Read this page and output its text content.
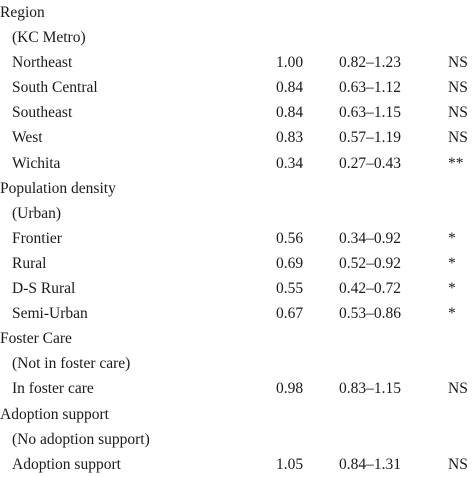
Region
(KC Metro)
Northeast	1.00 0.82–1.23	NS
South Central	0.84 0.63–1.12	NS
Southeast	0.84 0.63–1.15	NS
West	0.83 0.57–1.19	NS
Wichita	0.34 0.27–0.43	**
Population density
(Urban)
Frontier	0.56 0.34–0.92	*
Rural	0.69 0.52–0.92	*
D-S Rural	0.55 0.42–0.72	*
Semi-Urban	0.67 0.53–0.86	*
Foster Care
(Not in foster care)
In foster care	0.98 0.83–1.15	NS
Adoption support
(No adoption support)
Adoption support	1.05 0.84–1.31	NS
